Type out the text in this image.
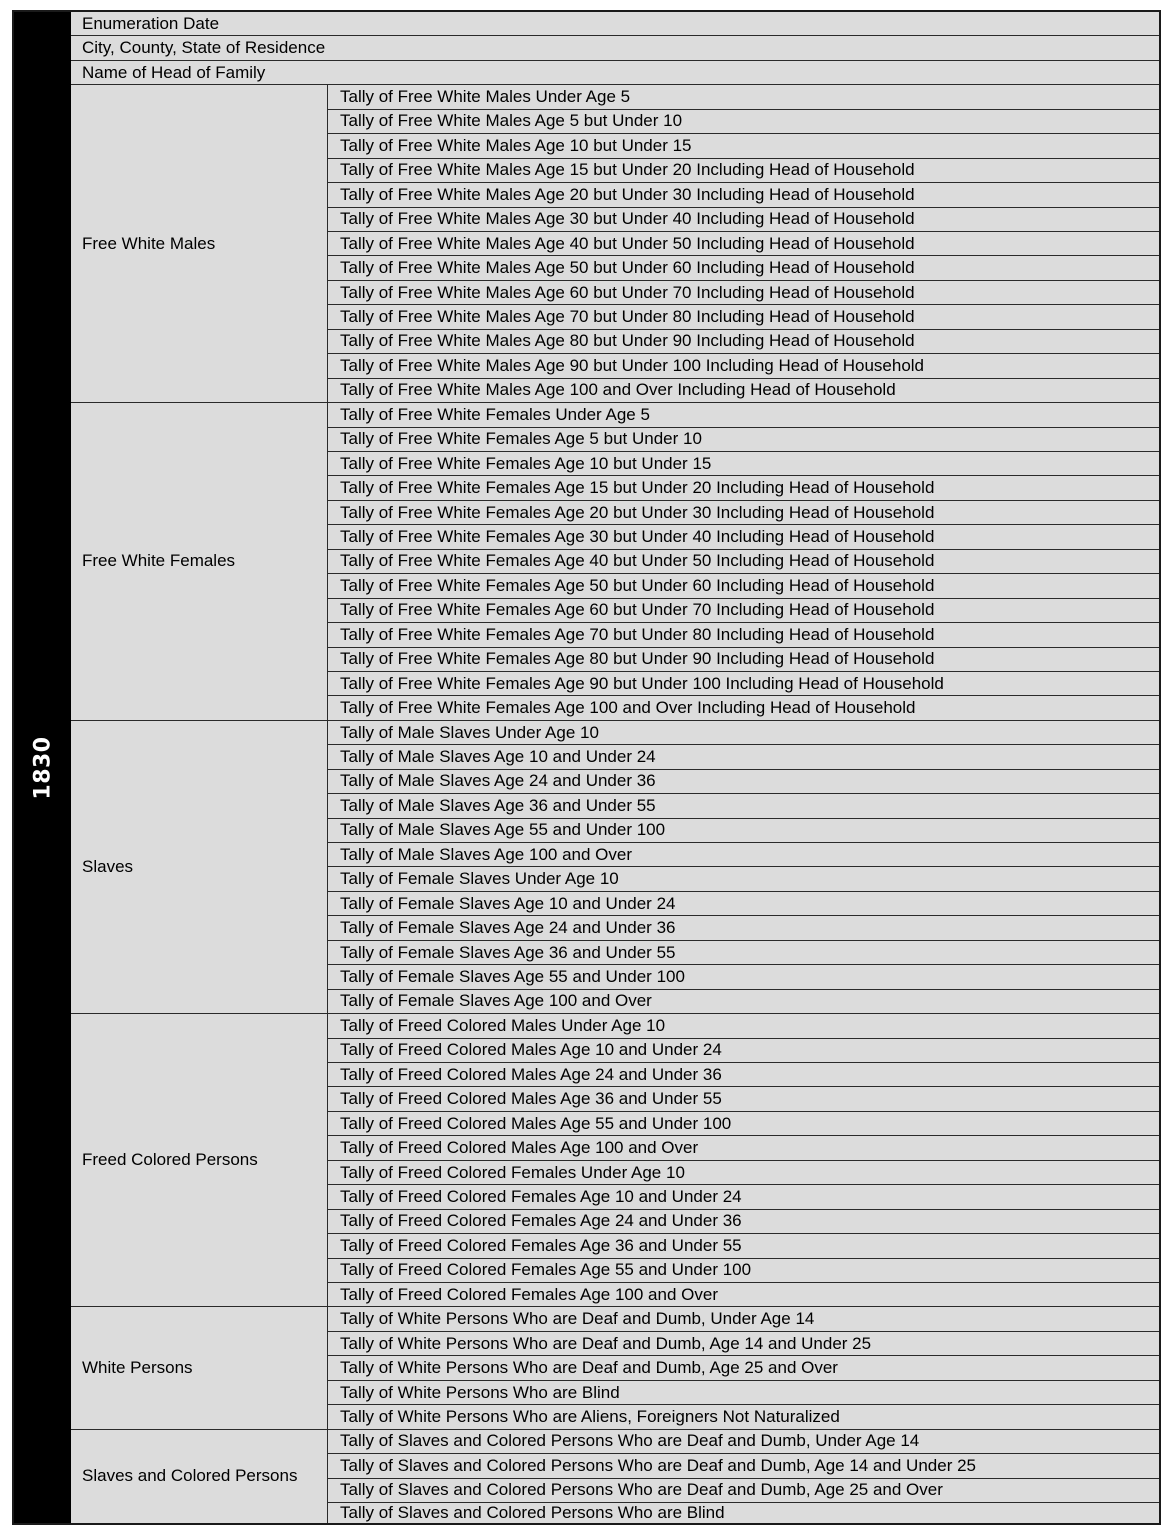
1830
Enumeration Date
City, County, State of Residence
Name of Head of Family
Free White Males
Tally of Free White Males Under Age 5
Tally of Free White Males Age 5 but Under 10
Tally of Free White Males Age 10 but Under 15
Tally of Free White Males Age 15 but Under 20 Including Head of Household
Tally of Free White Males Age 20 but Under 30 Including Head of Household
Tally of Free White Males Age 30 but Under 40 Including Head of Household
Tally of Free White Males Age 40 but Under 50 Including Head of Household
Tally of Free White Males Age 50 but Under 60 Including Head of Household
Tally of Free White Males Age 60 but Under 70 Including Head of Household
Tally of Free White Males Age 70 but Under 80 Including Head of Household
Tally of Free White Males Age 80 but Under 90 Including Head of Household
Tally of Free White Males Age 90 but Under 100 Including Head of Household
Tally of Free White Males Age 100 and Over Including Head of Household
Free White Females
Tally of Free White Females Under Age 5
Tally of Free White Females Age 5 but Under 10
Tally of Free White Females Age 10 but Under 15
Tally of Free White Females Age 15 but Under 20 Including Head of Household
Tally of Free White Females Age 20 but Under 30 Including Head of Household
Tally of Free White Females Age 30 but Under 40 Including Head of Household
Tally of Free White Females Age 40 but Under 50 Including Head of Household
Tally of Free White Females Age 50 but Under 60 Including Head of Household
Tally of Free White Females Age 60 but Under 70 Including Head of Household
Tally of Free White Females Age 70 but Under 80 Including Head of Household
Tally of Free White Females Age 80 but Under 90 Including Head of Household
Tally of Free White Females Age 90 but Under 100 Including Head of Household
Tally of Free White Females Age 100 and Over Including Head of Household
Slaves
Tally of Male Slaves Under Age 10
Tally of Male Slaves Age 10 and Under 24
Tally of Male Slaves Age 24 and Under 36
Tally of Male Slaves Age 36 and Under 55
Tally of Male Slaves Age 55 and Under 100
Tally of Male Slaves Age 100 and Over
Tally of Female Slaves Under Age 10
Tally of Female Slaves Age 10 and Under 24
Tally of Female Slaves Age 24 and Under 36
Tally of Female Slaves Age 36 and Under 55
Tally of Female Slaves Age 55 and Under 100
Tally of Female Slaves Age 100 and Over
Freed Colored Persons
Tally of Freed Colored Males Under Age 10
Tally of Freed Colored Males Age 10 and Under 24
Tally of Freed Colored Males Age 24 and Under 36
Tally of Freed Colored Males Age 36 and Under 55
Tally of Freed Colored Males Age 55 and Under 100
Tally of Freed Colored Males Age 100 and Over
Tally of Freed Colored Females Under Age 10
Tally of Freed Colored Females Age 10 and Under 24
Tally of Freed Colored Females Age 24 and Under 36
Tally of Freed Colored Females Age 36 and Under 55
Tally of Freed Colored Females Age 55 and Under 100
Tally of Freed Colored Females Age 100 and Over
White Persons
Tally of White Persons Who are Deaf and Dumb, Under Age 14
Tally of White Persons Who are Deaf and Dumb, Age 14 and Under 25
Tally of White Persons Who are Deaf and Dumb, Age 25 and Over
Tally of White Persons Who are Blind
Tally of White Persons Who are Aliens, Foreigners Not Naturalized
Slaves and Colored Persons
Tally of Slaves and Colored Persons Who are Deaf and Dumb, Under Age 14
Tally of Slaves and Colored Persons Who are Deaf and Dumb, Age 14 and Under 25
Tally of Slaves and Colored Persons Who are Deaf and Dumb, Age 25 and Over
Tally of Slaves and Colored Persons Who are Blind
